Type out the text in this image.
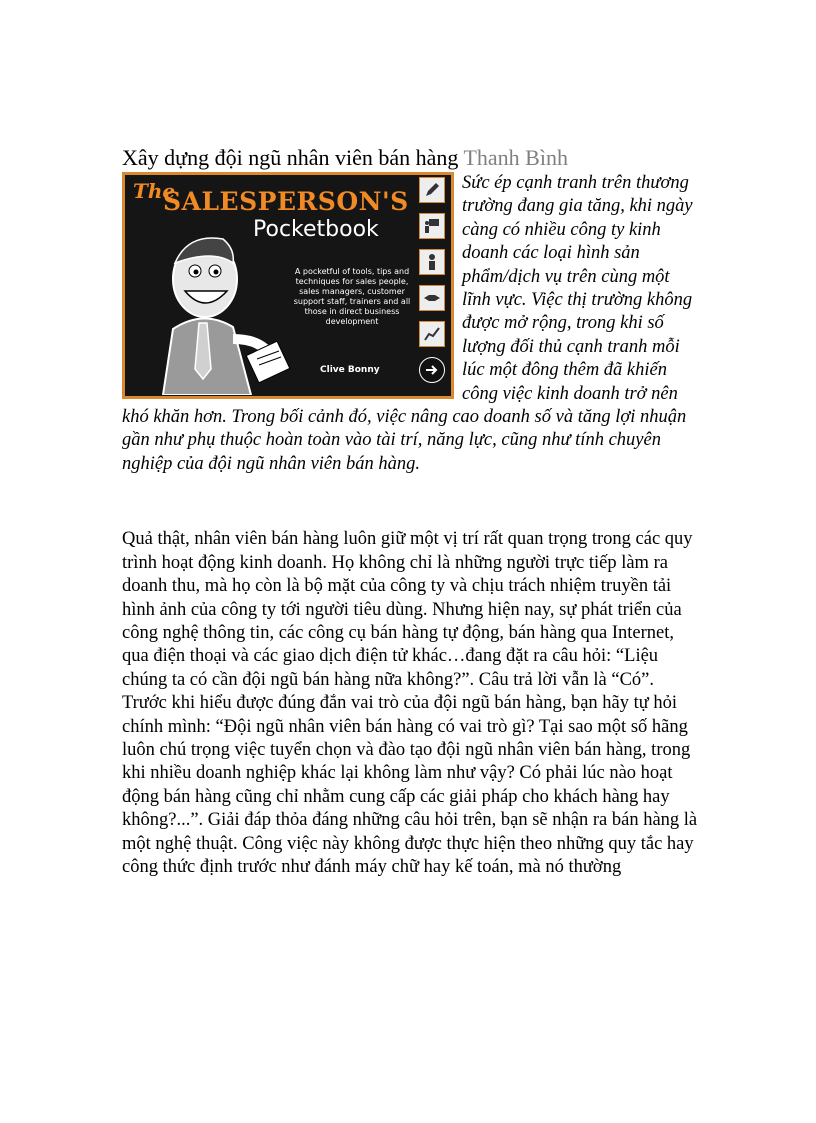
Xây dựng đội ngũ nhân viên bán hàng Thanh Bình
The
SALESPERSON'S
Pocketbook
A pocketful of tools, tips and techniques for sales people, sales managers, customer support staff, trainers and all those in direct business development
Clive Bonny

Sức ép cạnh tranh trên thương trường đang gia tăng, khi ngày càng có nhiều công ty kinh doanh các loại hình sản phẩm/dịch vụ trên cùng một lĩnh vực. Việc thị trường không được mở rộng, trong khi số lượng đối thủ cạnh tranh mỗi lúc một đông thêm đã khiến công việc kinh doanh trở nên khó khăn hơn. Trong bối cảnh đó, việc nâng cao doanh số và tăng lợi nhuận gần như phụ thuộc hoàn toàn vào tài trí, năng lực, cũng như tính chuyên nghiệp của đội ngũ nhân viên bán hàng.

Quả thật, nhân viên bán hàng luôn giữ một vị trí rất quan trọng trong các quy trình hoạt động kinh doanh. Họ không chỉ là những người trực tiếp làm ra doanh thu, mà họ còn là bộ mặt của công ty và chịu trách nhiệm truyền tải hình ảnh của công ty tới người tiêu dùng. Nhưng hiện nay, sự phát triển của công nghệ thông tin, các công cụ bán hàng tự động, bán hàng qua Internet, qua điện thoại và các giao dịch điện tử khác…đang đặt ra câu hỏi: “Liệu chúng ta có cần đội ngũ bán hàng nữa không?”. Câu trả lời vẫn là “Có”. Trước khi hiểu được đúng đắn vai trò của đội ngũ bán hàng, bạn hãy tự hỏi chính mình: “Đội ngũ nhân viên bán hàng có vai trò gì? Tại sao một số hãng luôn chú trọng việc tuyển chọn và đào tạo đội ngũ nhân viên bán hàng, trong khi nhiều doanh nghiệp khác lại không làm như vậy? Có phải lúc nào hoạt động bán hàng cũng chỉ nhằm cung cấp các giải pháp cho khách hàng hay không?...”. Giải đáp thỏa đáng những câu hỏi trên, bạn sẽ nhận ra bán hàng là một nghệ thuật. Công việc này không được thực hiện theo những quy tắc hay công thức định trước như đánh máy chữ hay kế toán, mà nó thường
